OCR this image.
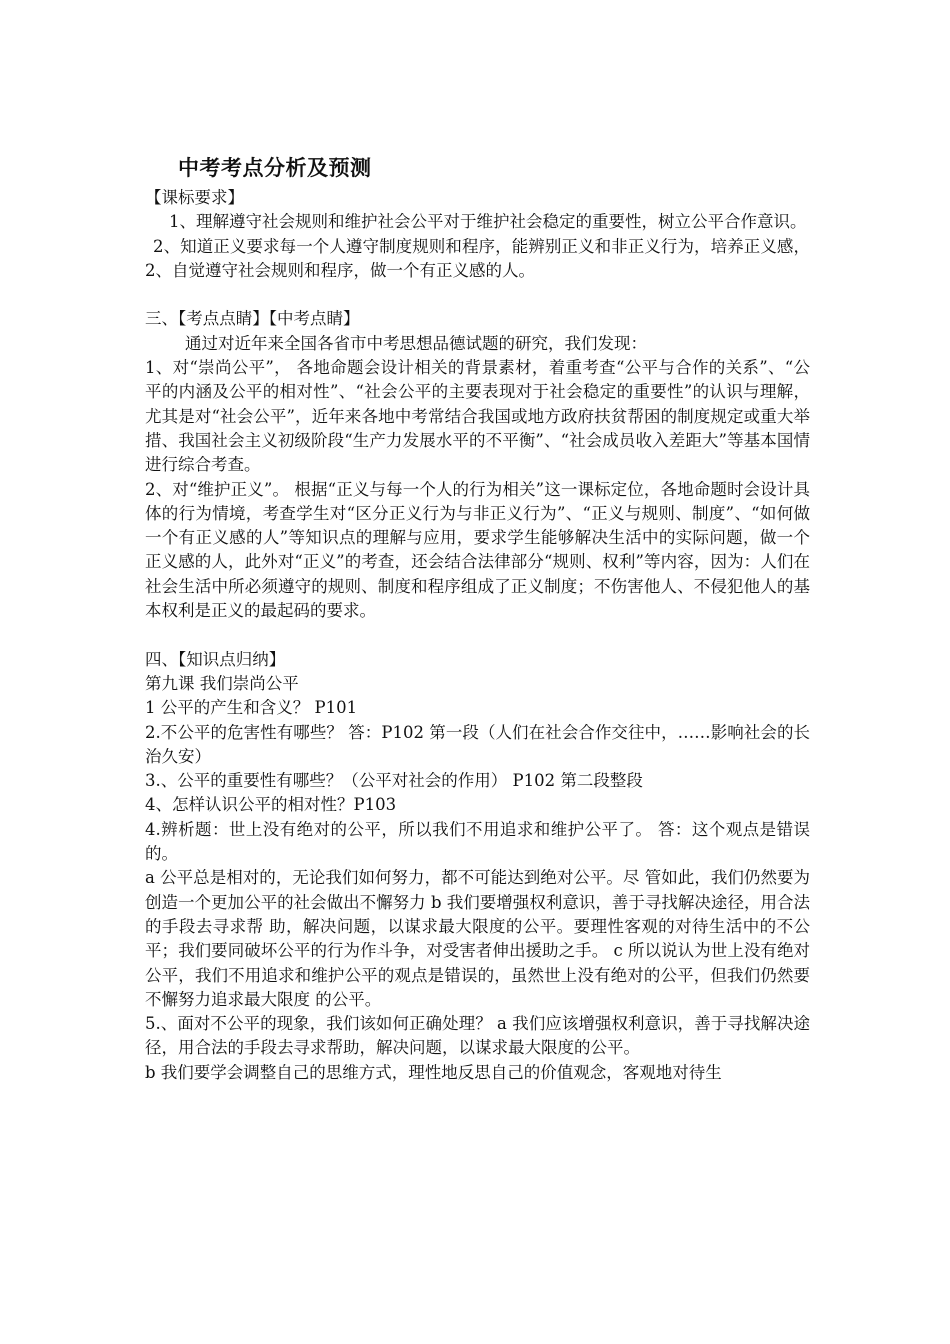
中考考点分析及预测

【课标要求】

1、理解遵守社会规则和维护社会公平对于维护社会稳定的重要性，树立公平合作意识。

2、知道正义要求每一个人遵守制度规则和程序，能辨别正义和非正义行为，培养正义感，2、自觉遵守社会规则和程序，做一个有正义感的人。

三、【考点点睛】【中考点睛】

通过对近年来全国各省市中考思想品德试题的研究，我们发现：

1、对“崇尚公平”， 各地命题会设计相关的背景素材，着重考查“公平与合作的关系”、“公平的内涵及公平的相对性”、“社会公平的主要表现对于社会稳定的重要性”的认识与理解，尤其是对“社会公平”，近年来各地中考常结合我国或地方政府扶贫帮困的制度规定或重大举措、我国社会主义初级阶段“生产力发展水平的不平衡”、“社会成员收入差距大”等基本国情进行综合考查。

2、对“维护正义”。 根据“正义与每一个人的行为相关”这一课标定位，各地命题时会设计具体的行为情境，考查学生对“区分正义行为与非正义行为”、“正义与规则、制度”、“如何做一个有正义感的人”等知识点的理解与应用，要求学生能够解决生活中的实际问题，做一个正义感的人，此外对“正义”的考查，还会结合法律部分“规则、权利”等内容，因为：人们在社会生活中所必须遵守的规则、制度和程序组成了正义制度；不伤害他人、不侵犯他人的基本权利是正义的最起码的要求。

四、【知识点归纳】

第九课 我们崇尚公平

1 公平的产生和含义？ P101

2.不公平的危害性有哪些？ 答：P102 第一段（人们在社会合作交往中，……影响社会的长治久安）

3.、公平的重要性有哪些？（公平对社会的作用） P102 第二段整段

4、怎样认识公平的相对性？P103

4.辨析题：世上没有绝对的公平，所以我们不用追求和维护公平了。 答：这个观点是错误的。

a 公平总是相对的，无论我们如何努力，都不可能达到绝对公平。尽 管如此，我们仍然要为创造一个更加公平的社会做出不懈努力 b 我们要增强权利意识，善于寻找解决途径，用合法的手段去寻求帮 助，解决问题，以谋求最大限度的公平。要理性客观的对待生活中的不公平；我们要同破坏公平的行为作斗争，对受害者伸出援助之手。 c 所以说认为世上没有绝对公平，我们不用追求和维护公平的观点是错误的，虽然世上没有绝对的公平，但我们仍然要不懈努力追求最大限度 的公平。

5.、面对不公平的现象，我们该如何正确处理？ a 我们应该增强权利意识，善于寻找解决途径，用合法的手段去寻求帮助，解决问题，以谋求最大限度的公平。

b 我们要学会调整自己的思维方式，理性地反思自己的价值观念，客观地对待生
